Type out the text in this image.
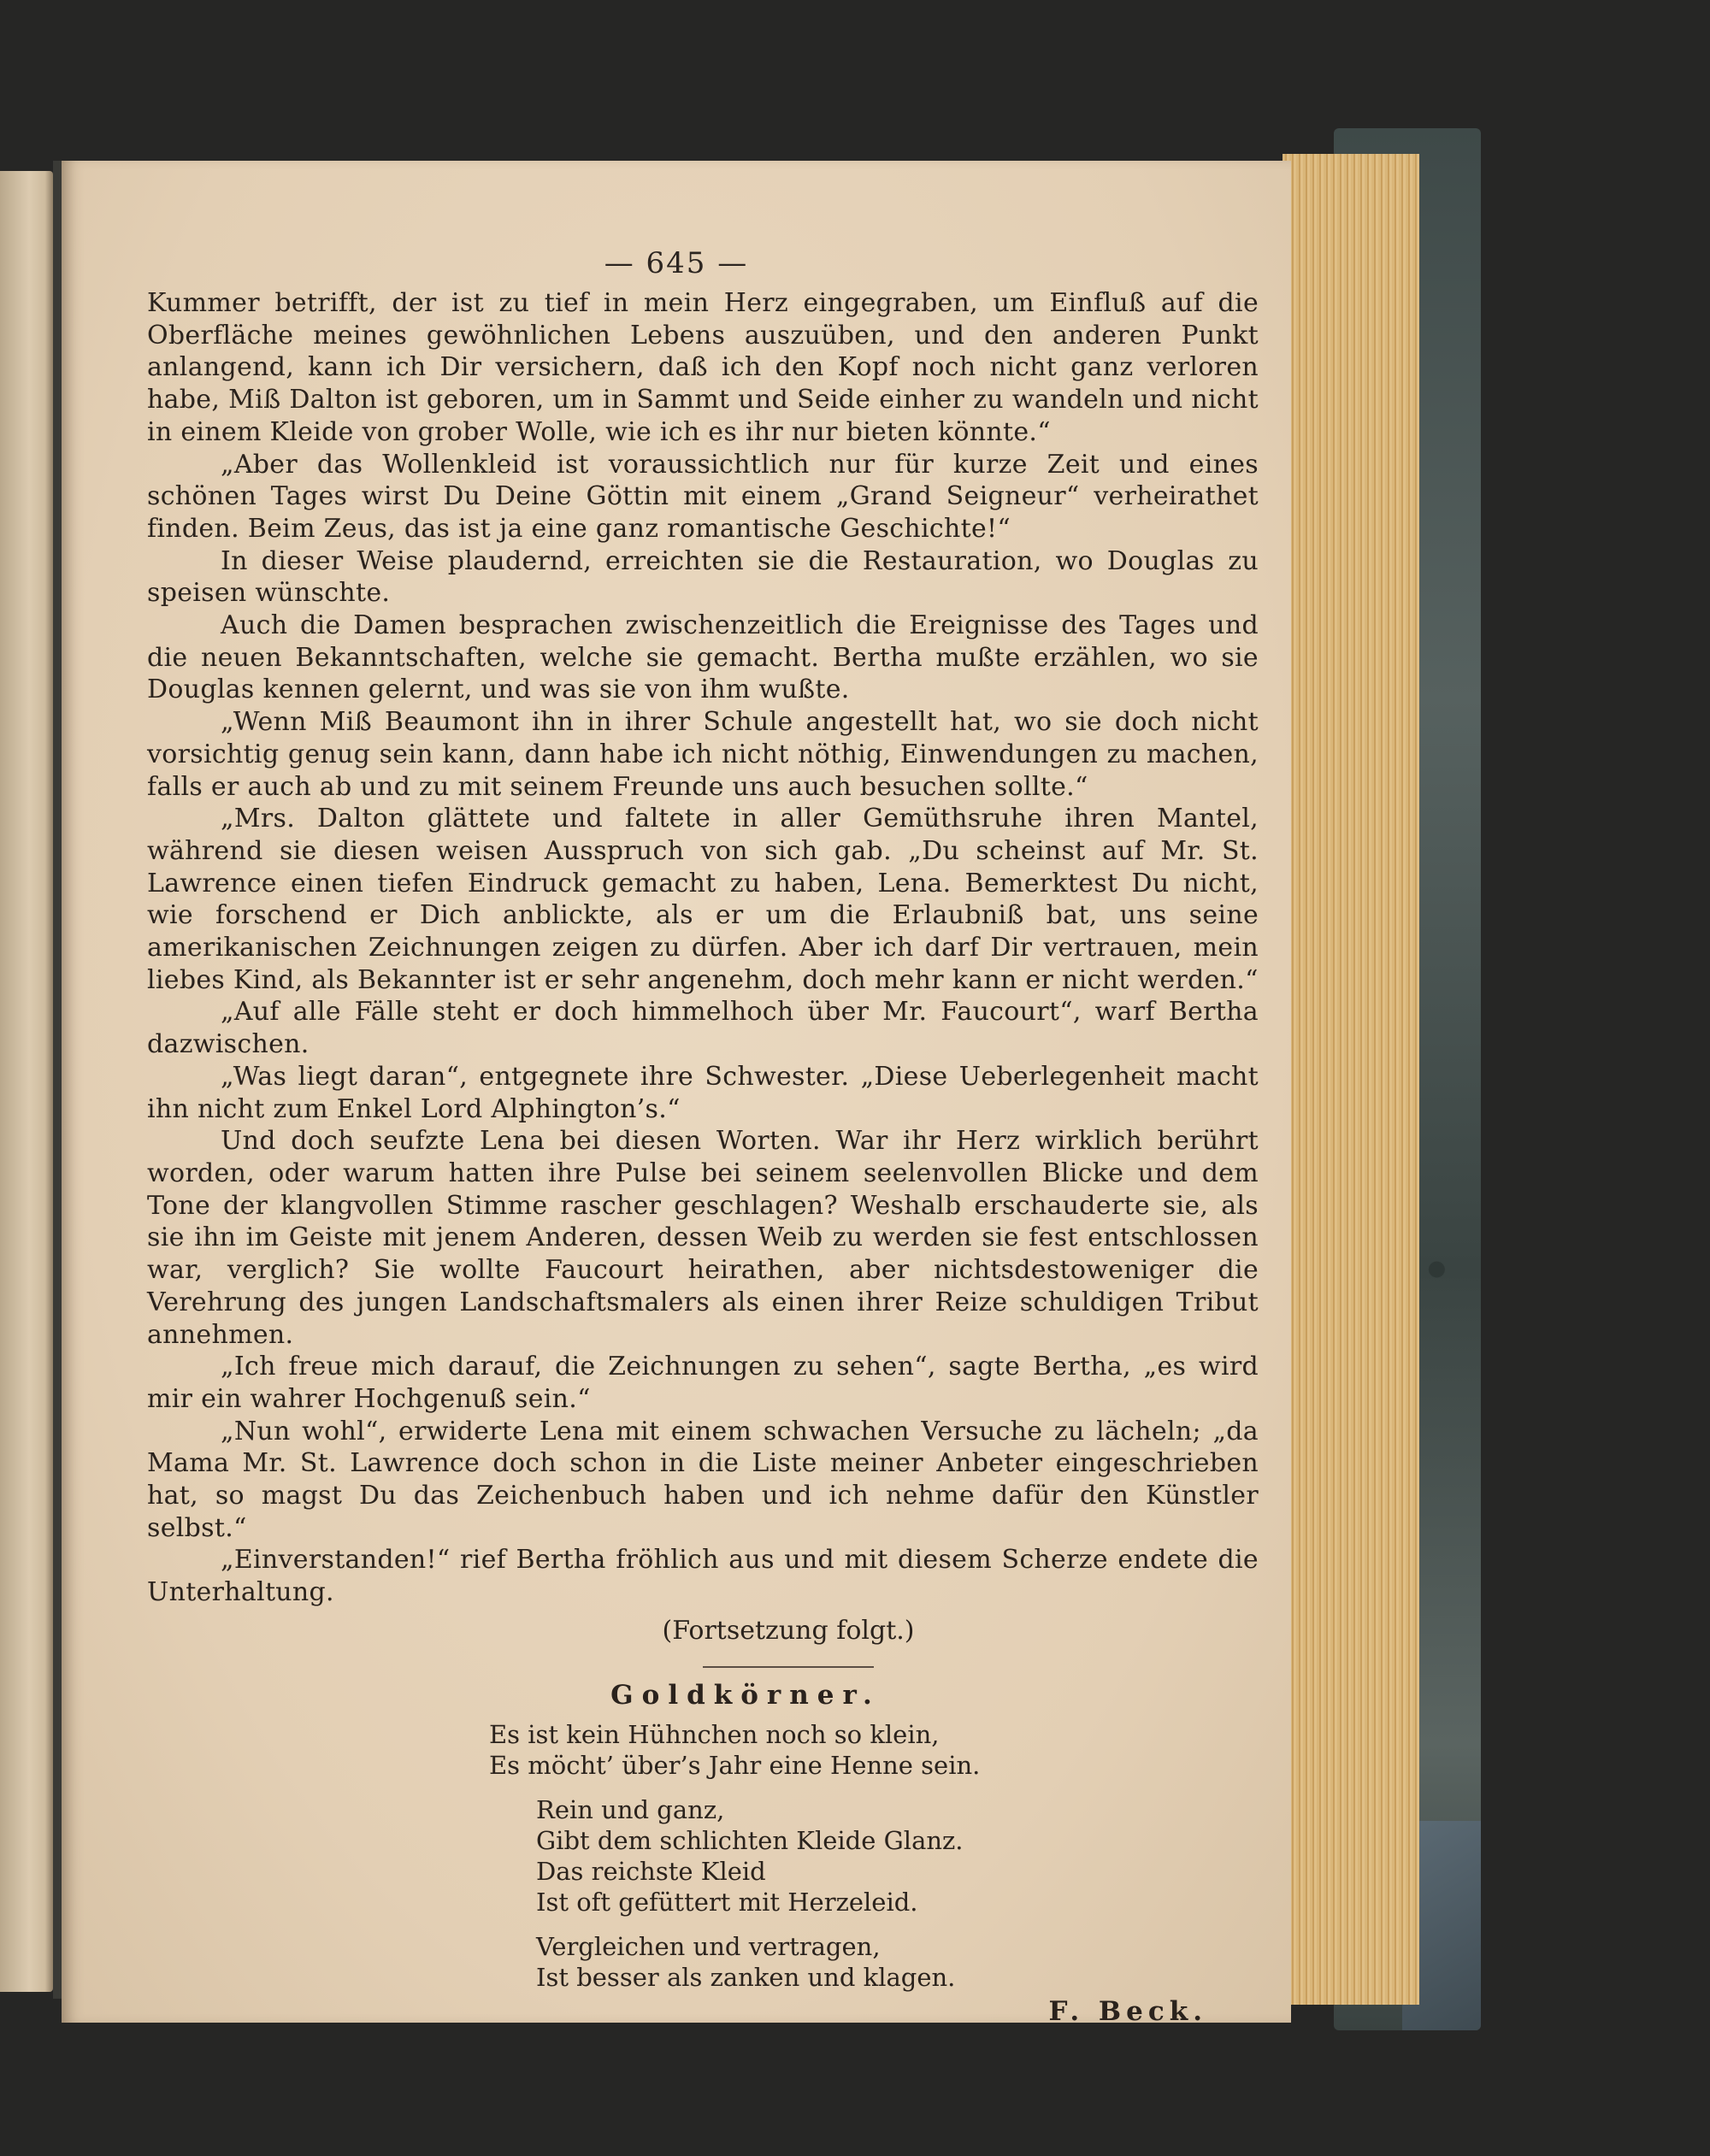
— 645 —

Kummer betrifft, der ist zu tief in mein Herz eingegraben, um Einfluß auf die Oberfläche meines gewöhnlichen Lebens auszuüben, und den anderen Punkt anlangend, kann ich Dir versichern, daß ich den Kopf noch nicht ganz verloren habe, Miß Dalton ist geboren, um in Sammt und Seide einher zu wandeln und nicht in einem Kleide von grober Wolle, wie ich es ihr nur bieten könnte.“

„Aber das Wollenkleid ist voraussichtlich nur für kurze Zeit und eines schönen Tages wirst Du Deine Göttin mit einem „Grand Seigneur“ verheirathet finden. Beim Zeus, das ist ja eine ganz romantische Geschichte!“

In dieser Weise plaudernd, erreichten sie die Restauration, wo Douglas zu speisen wünschte.

Auch die Damen besprachen zwischenzeitlich die Ereignisse des Tages und die neuen Bekanntschaften, welche sie gemacht. Bertha mußte erzählen, wo sie Douglas kennen gelernt, und was sie von ihm wußte.

„Wenn Miß Beaumont ihn in ihrer Schule angestellt hat, wo sie doch nicht vorsichtig genug sein kann, dann habe ich nicht nöthig, Einwendungen zu machen, falls er auch ab und zu mit seinem Freunde uns auch besuchen sollte.“

„Mrs. Dalton glättete und faltete in aller Gemüthsruhe ihren Mantel, während sie diesen weisen Ausspruch von sich gab. „Du scheinst auf Mr. St. Lawrence einen tiefen Eindruck gemacht zu haben, Lena. Bemerktest Du nicht, wie forschend er Dich anblickte, als er um die Erlaubniß bat, uns seine amerikanischen Zeichnungen zeigen zu dürfen. Aber ich darf Dir vertrauen, mein liebes Kind, als Bekannter ist er sehr angenehm, doch mehr kann er nicht werden.“

„Auf alle Fälle steht er doch himmelhoch über Mr. Faucourt“, warf Bertha dazwischen.

„Was liegt daran“, entgegnete ihre Schwester. „Diese Ueberlegenheit macht ihn nicht zum Enkel Lord Alphington’s.“

Und doch seufzte Lena bei diesen Worten. War ihr Herz wirklich berührt worden, oder warum hatten ihre Pulse bei seinem seelenvollen Blicke und dem Tone der klangvollen Stimme rascher geschlagen? Weshalb erschauderte sie, als sie ihn im Geiste mit jenem Anderen, dessen Weib zu werden sie fest entschlossen war, verglich? Sie wollte Faucourt heirathen, aber nichtsdestoweniger die Verehrung des jungen Landschaftsmalers als einen ihrer Reize schuldigen Tribut annehmen.

„Ich freue mich darauf, die Zeichnungen zu sehen“, sagte Bertha, „es wird mir ein wahrer Hochgenuß sein.“

„Nun wohl“, erwiderte Lena mit einem schwachen Versuche zu lächeln; „da Mama Mr. St. Lawrence doch schon in die Liste meiner Anbeter eingeschrieben hat, so magst Du das Zeichenbuch haben und ich nehme dafür den Künstler selbst.“

„Einverstanden!“ rief Bertha fröhlich aus und mit diesem Scherze endete die Unterhaltung.

(Fortsetzung folgt.)

Goldkörner.

Es ist kein Hühnchen noch so klein,

Es möcht’ über’s Jahr eine Henne sein.

Rein und ganz,

Gibt dem schlichten Kleide Glanz.

Das reichste Kleid

Ist oft gefüttert mit Herzeleid.

Vergleichen und vertragen,

Ist besser als zanken und klagen.

F. Beck.
